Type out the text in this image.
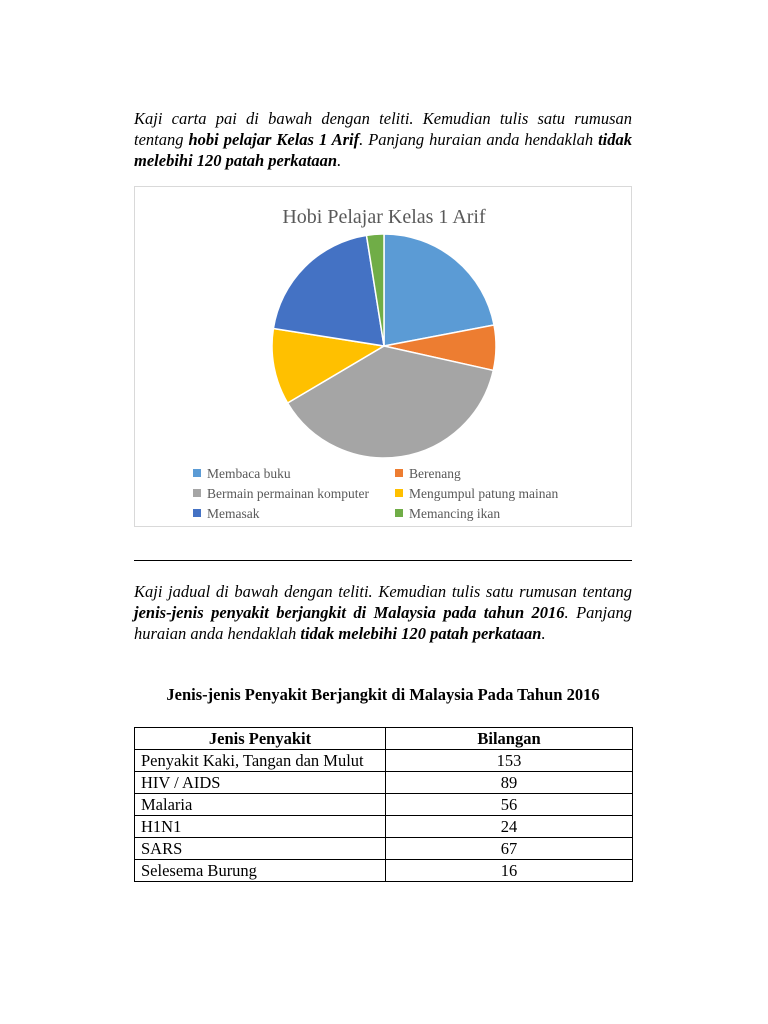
Kaji carta pai di bawah dengan teliti. Kemudian tulis satu rumusan tentang hobi pelajar Kelas 1 Arif. Panjang huraian anda hendaklah tidak melebihi 120 patah perkataan.

Hobi Pelajar Kelas 1 Arif
Membaca buku	Berenang
Bermain permainan komputer	Mengumpul patung mainan
Memasak	Memancing ikan

Kaji jadual di bawah dengan teliti. Kemudian tulis satu rumusan tentang jenis-jenis penyakit berjangkit di Malaysia pada tahun 2016. Panjang huraian anda hendaklah tidak melebihi 120 patah perkataan.

Jenis-jenis Penyakit Berjangkit di Malaysia Pada Tahun 2016

Jenis Penyakit	Bilangan
Penyakit Kaki, Tangan dan Mulut	153
HIV / AIDS	89
Malaria	56
H1N1	24
SARS	67
Selesema Burung	16
